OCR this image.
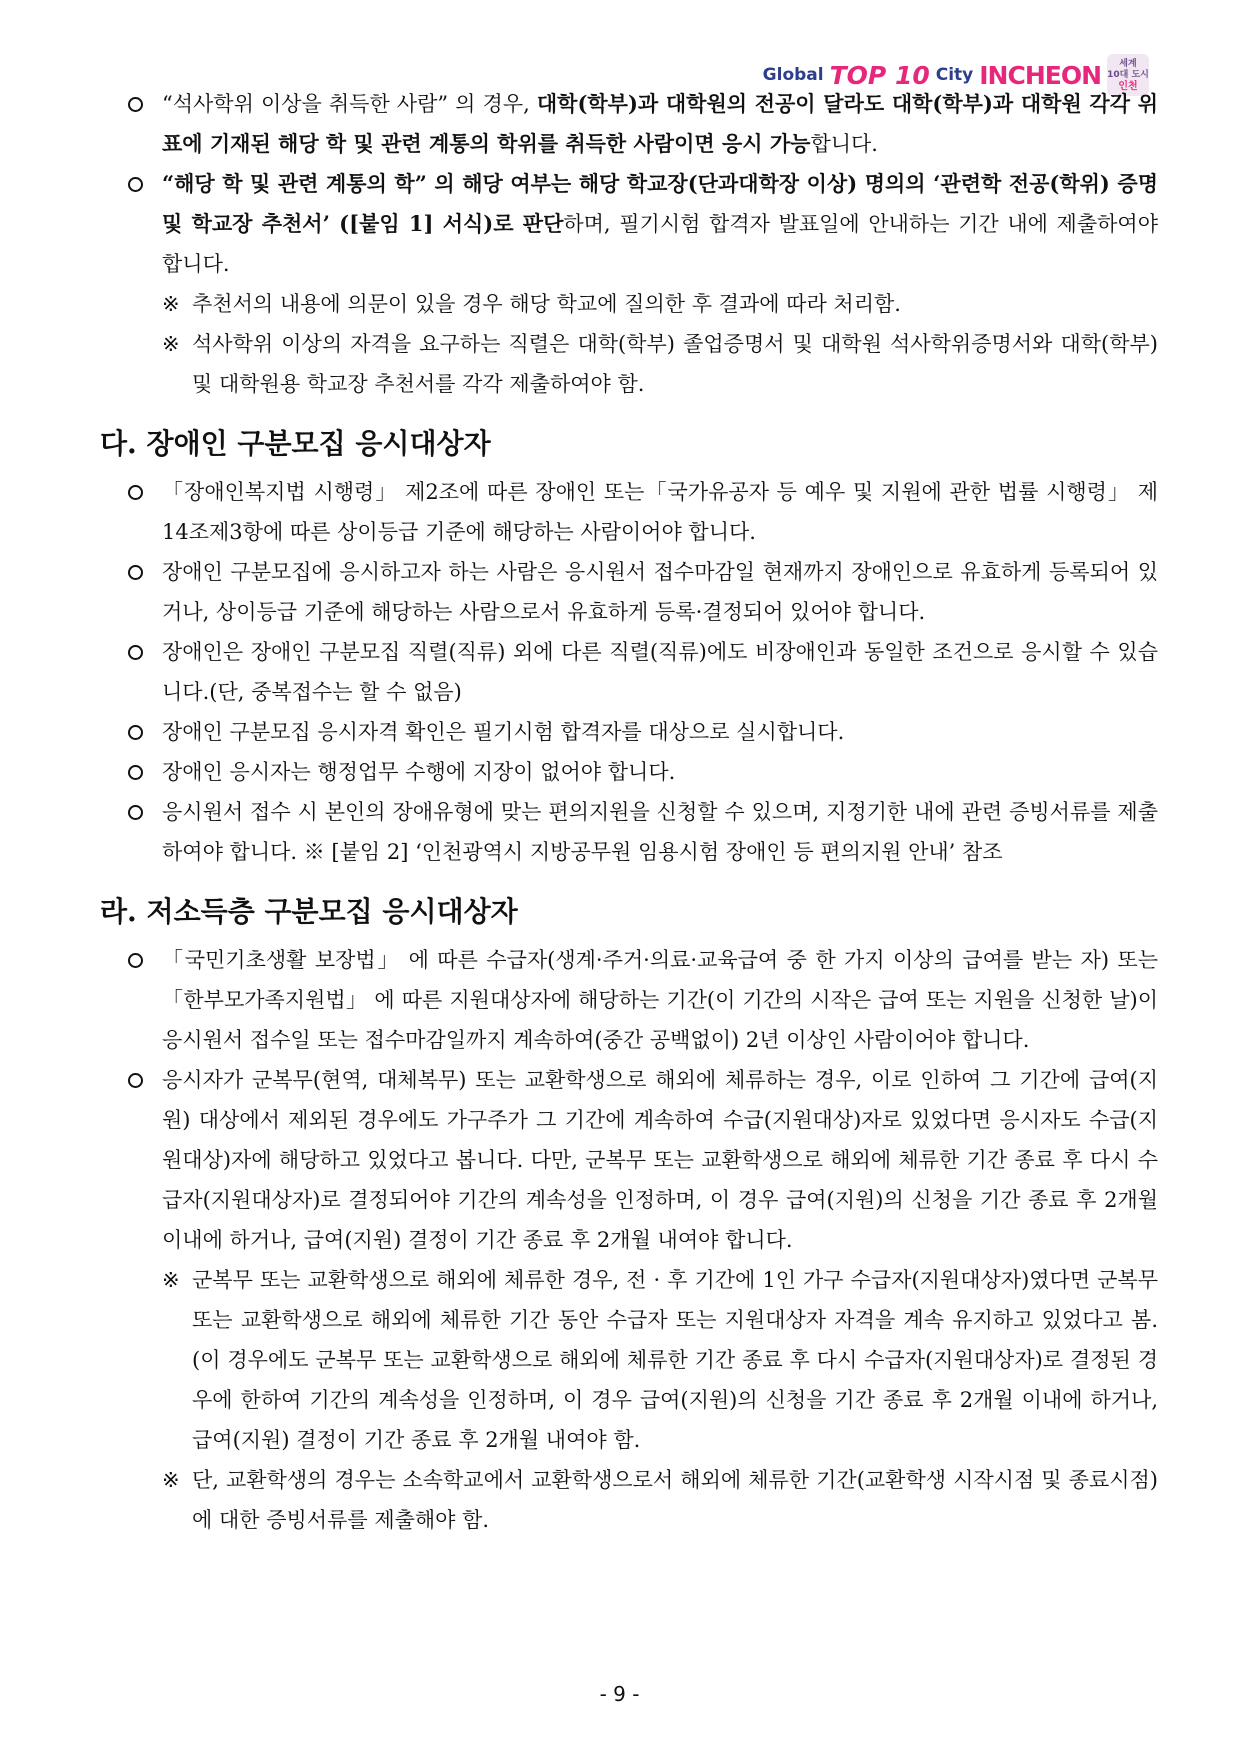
Global TOP 10 City INCHEON 세계
10대 도시
인천
“석사학위 이상을 취득한 사람” 의 경우, 대학(학부)과 대학원의 전공이 달라도 대학(학부)과 대학원 각각 위 표에 기재된 해당 학 및 관련 계통의 학위를 취득한 사람이면 응시 가능합니다.
“해당 학 및 관련 계통의 학” 의 해당 여부는 해당 학교장(단과대학장 이상) 명의의 ‘관련학 전공(학위) 증명 및 학교장 추천서’ ([붙임 1] 서식)로 판단하며, 필기시험 합격자 발표일에 안내하는 기간 내에 제출하여야 합니다.
※ 추천서의 내용에 의문이 있을 경우 해당 학교에 질의한 후 결과에 따라 처리함.
※ 석사학위 이상의 자격을 요구하는 직렬은 대학(학부) 졸업증명서 및 대학원 석사학위증명서와 대학(학부) 및 대학원용 학교장 추천서를 각각 제출하여야 함.
다. 장애인 구분모집 응시대상자
「장애인복지법 시행령」 제2조에 따른 장애인 또는「국가유공자 등 예우 및 지원에 관한 법률 시행령」 제14조제3항에 따른 상이등급 기준에 해당하는 사람이어야 합니다.
장애인 구분모집에 응시하고자 하는 사람은 응시원서 접수마감일 현재까지 장애인으로 유효하게 등록되어 있거나, 상이등급 기준에 해당하는 사람으로서 유효하게 등록·결정되어 있어야 합니다.
장애인은 장애인 구분모집 직렬(직류) 외에 다른 직렬(직류)에도 비장애인과 동일한 조건으로 응시할 수 있습니다.(단, 중복접수는 할 수 없음)
장애인 구분모집 응시자격 확인은 필기시험 합격자를 대상으로 실시합니다.
장애인 응시자는 행정업무 수행에 지장이 없어야 합니다.
응시원서 접수 시 본인의 장애유형에 맞는 편의지원을 신청할 수 있으며, 지정기한 내에 관련 증빙서류를 제출하여야 합니다. ※ [붙임 2] ‘인천광역시 지방공무원 임용시험 장애인 등 편의지원 안내’ 참조
라. 저소득층 구분모집 응시대상자
「국민기초생활 보장법」 에 따른 수급자(생계·주거·의료·교육급여 중 한 가지 이상의 급여를 받는 자) 또는「한부모가족지원법」 에 따른 지원대상자에 해당하는 기간(이 기간의 시작은 급여 또는 지원을 신청한 날)이 응시원서 접수일 또는 접수마감일까지 계속하여(중간 공백없이) 2년 이상인 사람이어야 합니다.
응시자가 군복무(현역, 대체복무) 또는 교환학생으로 해외에 체류하는 경우, 이로 인하여 그 기간에 급여(지원) 대상에서 제외된 경우에도 가구주가 그 기간에 계속하여 수급(지원대상)자로 있었다면 응시자도 수급(지원대상)자에 해당하고 있었다고 봅니다. 다만, 군복무 또는 교환학생으로 해외에 체류한 기간 종료 후 다시 수급자(지원대상자)로 결정되어야 기간의 계속성을 인정하며, 이 경우 급여(지원)의 신청을 기간 종료 후 2개월 이내에 하거나, 급여(지원) 결정이 기간 종료 후 2개월 내여야 합니다.
※ 군복무 또는 교환학생으로 해외에 체류한 경우, 전 · 후 기간에 1인 가구 수급자(지원대상자)였다면 군복무 또는 교환학생으로 해외에 체류한 기간 동안 수급자 또는 지원대상자 자격을 계속 유지하고 있었다고 봄.(이 경우에도 군복무 또는 교환학생으로 해외에 체류한 기간 종료 후 다시 수급자(지원대상자)로 결정된 경우에 한하여 기간의 계속성을 인정하며, 이 경우 급여(지원)의 신청을 기간 종료 후 2개월 이내에 하거나, 급여(지원) 결정이 기간 종료 후 2개월 내여야 함.
※ 단, 교환학생의 경우는 소속학교에서 교환학생으로서 해외에 체류한 기간(교환학생 시작시점 및 종료시점)에 대한 증빙서류를 제출해야 함.
- 9 -
